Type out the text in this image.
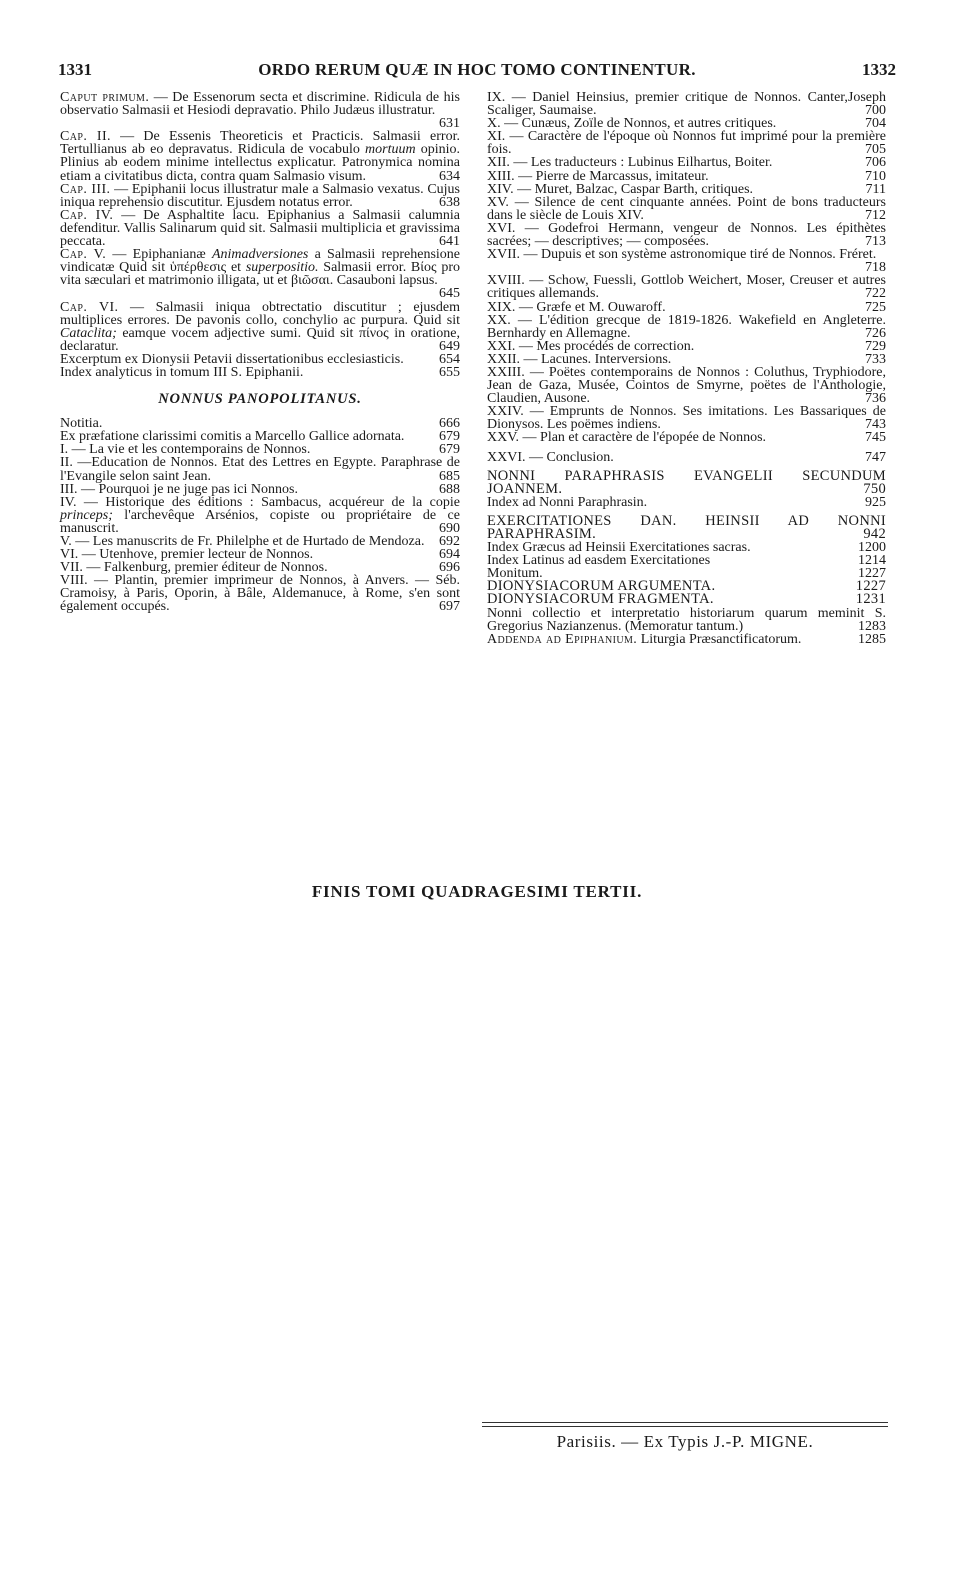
1331	ORDO RERUM QUÆ IN HOC TOMO CONTINENTUR.	1332

Caput primum. — De Essenorum secta et discrimine. Ridicula de his observatio Salmasii et Hesiodi depravatio. Philo Judæus illustratur.
631

Cap. II. — De Essenis Theoreticis et Practicis. Salmasii error. Tertullianus ab eo depravatus. Ridicula de vocabulo mortuum opinio. Plinius ab eodem minime intellectus explicatur. Patronymica nomina etiam a civitatibus dicta, contra quam Salmasio visum.	634

Cap. III. — Epiphanii locus illustratur male a Salmasio vexatus. Cujus iniqua reprehensio discutitur. Ejusdem notatus error.	638

Cap. IV. — De Asphaltite lacu. Epiphanius a Salmasii calumnia defenditur. Vallis Salinarum quid sit. Salmasii multiplicia et gravissima peccata.	641

Cap. V. — Epiphanianæ Animadversiones a Salmasii reprehensione vindicatæ Quid sit ὑπέρθεσις et superpositio. Salmasii error. Βίος pro vita sæculari et matrimonio illigata, ut et βιῶσαι. Casauboni lapsus.
645

Cap. VI. — Salmasii iniqua obtrectatio discutitur ; ejusdem multiplices errores. De pavonis collo, conchylio ac purpura. Quid sit Cataclita; eamque vocem adjective sumi. Quid sit πίνος in oratione, declaratur.	649

Excerptum ex Dionysii Petavii dissertationibus ecclesiasticis.	654

Index analyticus in tomum III S. Epiphanii.	655

NONNUS PANOPOLITANUS.

Notitia.	666

Ex præfatione clarissimi comitis a Marcello Gallice adornata.	679

I. — La vie et les contemporains de Nonnos.	679

II. —Education de Nonnos. Etat des Lettres en Egypte. Paraphrase de l'Evangile selon saint Jean.	685

III. — Pourquoi je ne juge pas ici Nonnos.	688

IV. — Historique des éditions : Sambacus, acquéreur de la copie princeps; l'archevêque Arsénios, copiste ou propriétaire de ce manuscrit.	690

V. — Les manuscrits de Fr. Philelphe et de Hurtado de Mendoza.	692

VI. — Utenhove, premier lecteur de Nonnos.	694

VII. — Falkenburg, premier éditeur de Nonnos.	696

VIII. — Plantin, premier imprimeur de Nonnos, à Anvers. — Séb. Cramoisy, à Paris, Oporin, à Bâle, Aldemanuce, à Rome, s'en sont également occupés.	697

IX. — Daniel Heinsius, premier critique de Nonnos. Canter,Joseph Scaliger, Saumaise.	700

X. — Cunæus, Zoïle de Nonnos, et autres critiques.	704

XI. — Caractère de l'époque où Nonnos fut imprimé pour la première fois.	705

XII. — Les traducteurs : Lubinus Eilhartus, Boiter.	706

XIII. — Pierre de Marcassus, imitateur.	710

XIV. — Muret, Balzac, Caspar Barth, critiques.	711

XV. — Silence de cent cinquante années. Point de bons traducteurs dans le siècle de Louis XIV.	712

XVI. — Godefroi Hermann, vengeur de Nonnos. Les épithètes sacrées; — descriptives; — composées.	713

XVII. — Dupuis et son système astronomique tiré de Nonnos. Fréret.
718

XVIII. — Schow, Fuessli, Gottlob Weichert, Moser, Creuser et autres critiques allemands.	722

XIX. — Græfe et M. Ouwaroff.	725

XX. — L'édition grecque de 1819-1826. Wakefield en Angleterre. Bernhardy en Allemagne.	726

XXI. — Mes procédés de correction.	729

XXII. — Lacunes. Interversions.	733

XXIII. — Poëtes contemporains de Nonnos : Coluthus, Tryphiodore, Jean de Gaza, Musée, Cointos de Smyrne, poëtes de l'Anthologie, Claudien, Ausone.	736

XXIV. — Emprunts de Nonnos. Ses imitations. Les Bassariques de Dionysos. Les poëmes indiens.	743

XXV. — Plan et caractère de l'épopée de Nonnos.	745

XXVI. — Conclusion.	747

NONNI PARAPHRASIS EVANGELII SECUNDUM JOANNEM.	750

Index ad Nonni Paraphrasin.	925

EXERCITATIONES DAN. HEINSII AD NONNI PARAPHRASIM.	942

Index Græcus ad Heinsii Exercitationes sacras.	1200

Index Latinus ad easdem Exercitationes	1214

Monitum.	1227

DIONYSIACORUM ARGUMENTA.	1227

DIONYSIACORUM FRAGMENTA.	1231

Nonni collectio et interpretatio historiarum quarum meminit S. Gregorius Nazianzenus. (Memoratur tantum.)	1283

Addenda ad Epiphanium. Liturgia Præsanctificatorum.	1285

FINIS TOMI QUADRAGESIMI TERTII.
Parisiis. — Ex Typis J.-P. MIGNE.
